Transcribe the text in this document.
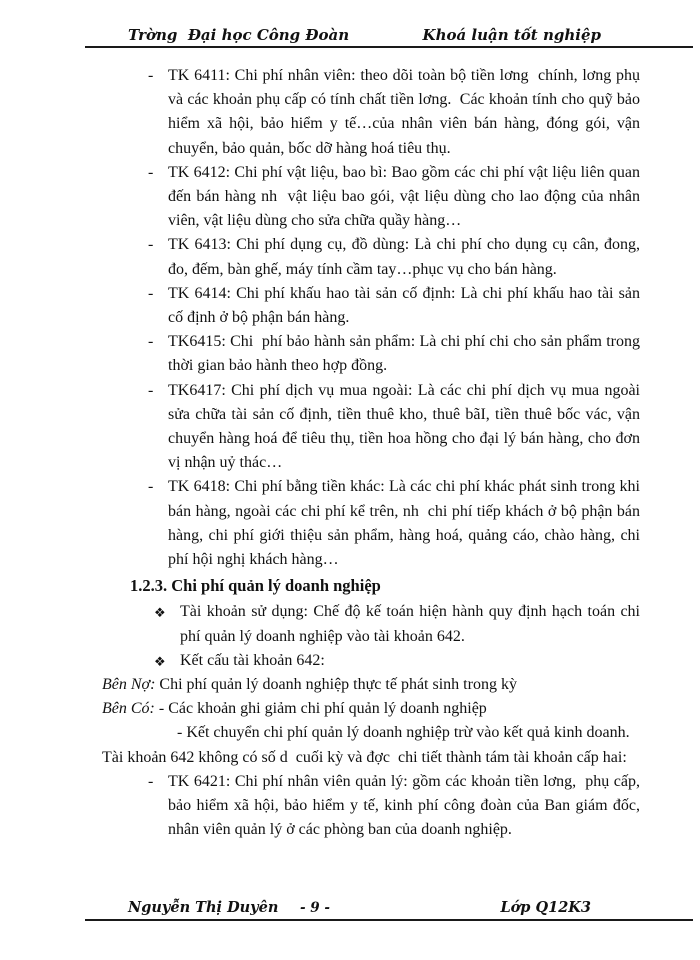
Trờng  Đại học Công Đoàn	Khoá luận tốt nghiệp
- TK 6411: Chi phí nhân viên: theo dõi toàn bộ tiền lơng  chính, lơng phụ và các khoản phụ cấp có tính chất tiền lơng.  Các khoản tính cho quỹ bảo hiểm xã hội, bảo hiểm y tế…của nhân viên bán hàng, đóng gói, vận chuyển, bảo quản, bốc dỡ hàng hoá tiêu thụ.
- TK 6412: Chi phí vật liệu, bao bì: Bao gồm các chi phí vật liệu liên quan đến bán hàng nh  vật liệu bao gói, vật liệu dùng cho lao động của nhân viên, vật liệu dùng cho sửa chữa quầy hàng…
- TK 6413: Chi phí dụng cụ, đồ dùng: Là chi phí cho dụng cụ cân, đong, đo, đếm, bàn ghế, máy tính cầm tay…phục vụ cho bán hàng.
- TK 6414: Chi phí khấu hao tài sản cố định: Là chi phí khấu hao tài sản cố định ở bộ phận bán hàng.
- TK6415: Chi  phí bảo hành sản phẩm: Là chi phí chi cho sản phẩm trong thời gian bảo hành theo hợp đồng.
- TK6417: Chi phí dịch vụ mua ngoài: Là các chi phí dịch vụ mua ngoài sửa chữa tài sản cố định, tiền thuê kho, thuê bãI, tiền thuê bốc vác, vận chuyển hàng hoá để tiêu thụ, tiền hoa hồng cho đại lý bán hàng, cho đơn vị nhận uỷ thác…
- TK 6418: Chi phí bằng tiền khác: Là các chi phí khác phát sinh trong khi bán hàng, ngoài các chi phí kể trên, nh  chi phí tiếp khách ở bộ phận bán hàng, chi phí giới thiệu sản phẩm, hàng hoá, quảng cáo, chào hàng, chi phí hội nghị khách hàng…
1.2.3. Chi phí quản lý doanh nghiệp
❖ Tài khoản sử dụng: Chế độ kế toán hiện hành quy định hạch toán chi phí quản lý doanh nghiệp vào tài khoản 642.
❖ Kết cấu tài khoản 642:

Bên Nợ: Chi phí quản lý doanh nghiệp thực tế phát sinh trong kỳ

Bên Có: - Các khoản ghi giảm chi phí quản lý doanh nghiệp

- Kết chuyển chi phí quản lý doanh nghiệp trừ vào kết quả kinh doanh.

Tài khoản 642 không có số d  cuối kỳ và đợc  chi tiết thành tám tài khoản cấp hai:

- TK 6421: Chi phí nhân viên quản lý: gồm các khoản tiền lơng,  phụ cấp, bảo hiểm xã hội, bảo hiểm y tế, kinh phí công đoàn của Ban giám đốc, nhân viên quản lý ở các phòng ban của doanh nghiệp.
Nguyễn Thị Duyên - 9 -	Lớp Q12K3
